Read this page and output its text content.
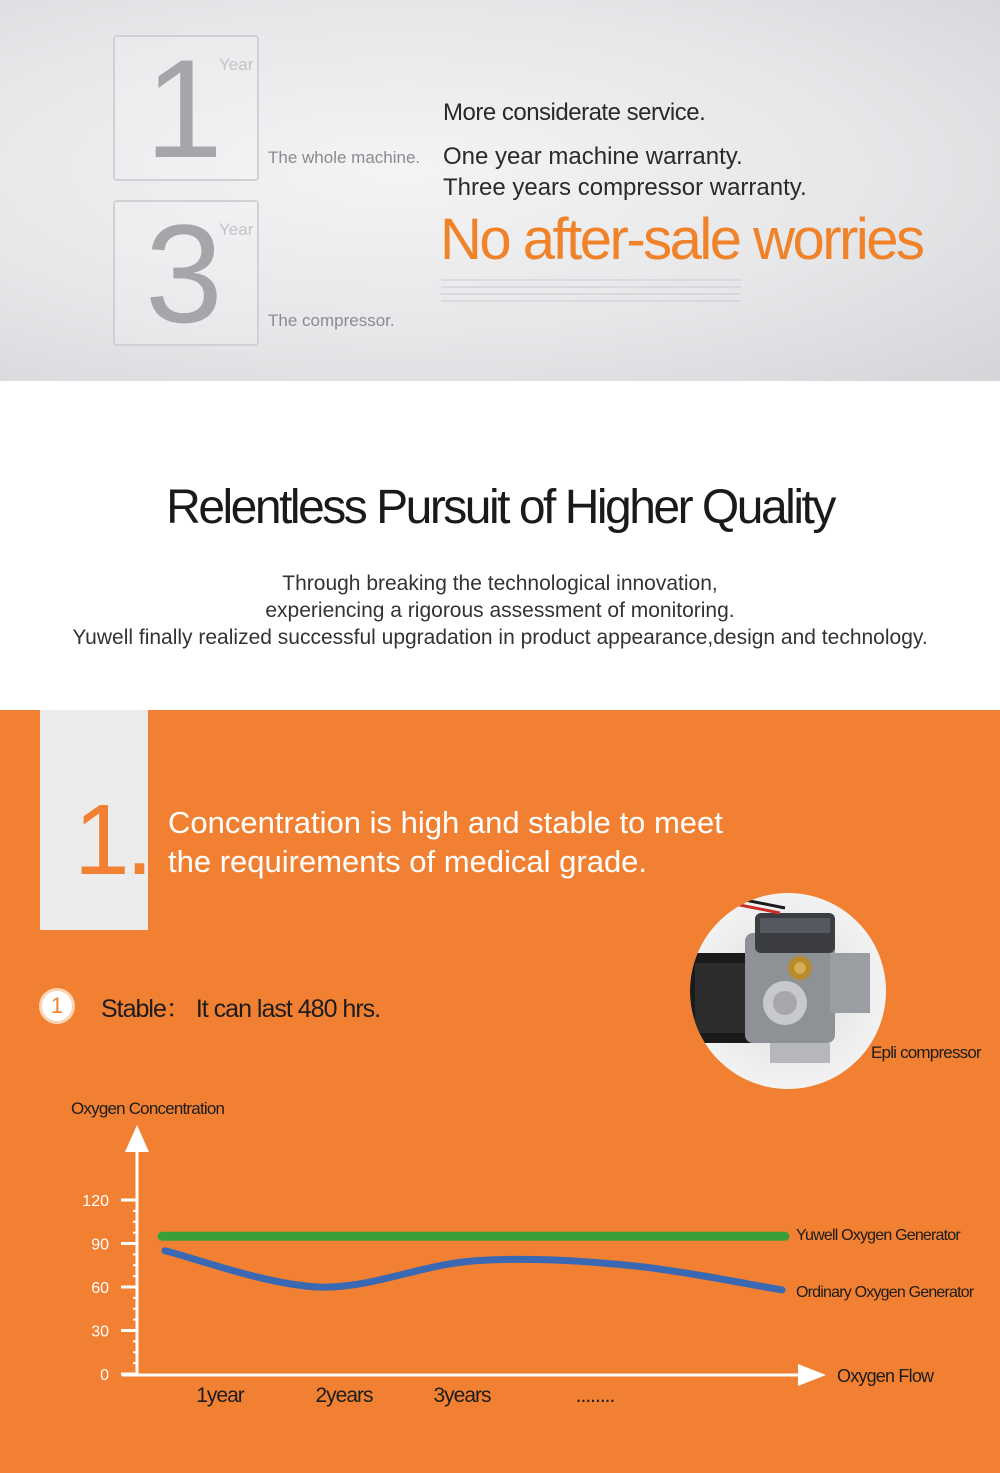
1
Year
The whole machine.
3
Year
The compressor.
More considerate service.
One year machine warranty.
Three years compressor warranty.
No after-sale worries
Relentless Pursuit of Higher Quality
Through breaking the technological innovation,
experiencing a rigorous assessment of monitoring.
Yuwell finally realized successful upgradation in product appearance,design and technology.
1. Concentration is high and stable to meet
the requirements of medical grade.
1	Stable： It can last 480 hrs.
Epli compressor
0
30
60
90
120
Oxygen Concentration
Oxygen Flow
1year	2years	3years	........
Yuwell Oxygen Generator
Ordinary Oxygen Generator
